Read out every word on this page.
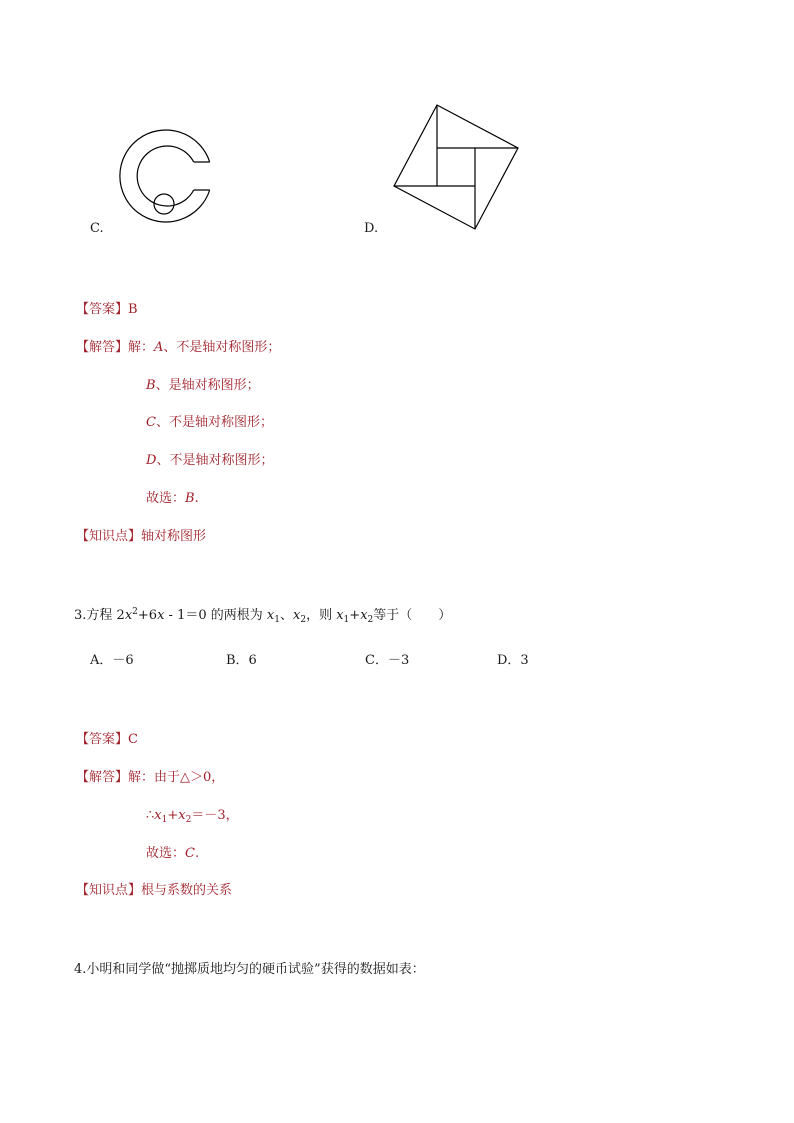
C.	D.
【答案】B
【解答】解：A、不是轴对称图形；
B、是轴对称图形；
C、不是轴对称图形；
D、不是轴对称图形；
故选：B.
【知识点】轴对称图形
3.方程 $2x^2+6x - 1=0$ 的两根为 $x_1$、$x_2$，则 $x_1+x_2$等于（　　）
A．－6	B．6	C．－3	D．3
【答案】C
【解答】解：由于△＞0，
$\therefore x_1+x_2=-3$，
故选：C.
【知识点】根与系数的关系
4.小明和同学做“抛掷质地均匀的硬币试验”获得的数据如表：
